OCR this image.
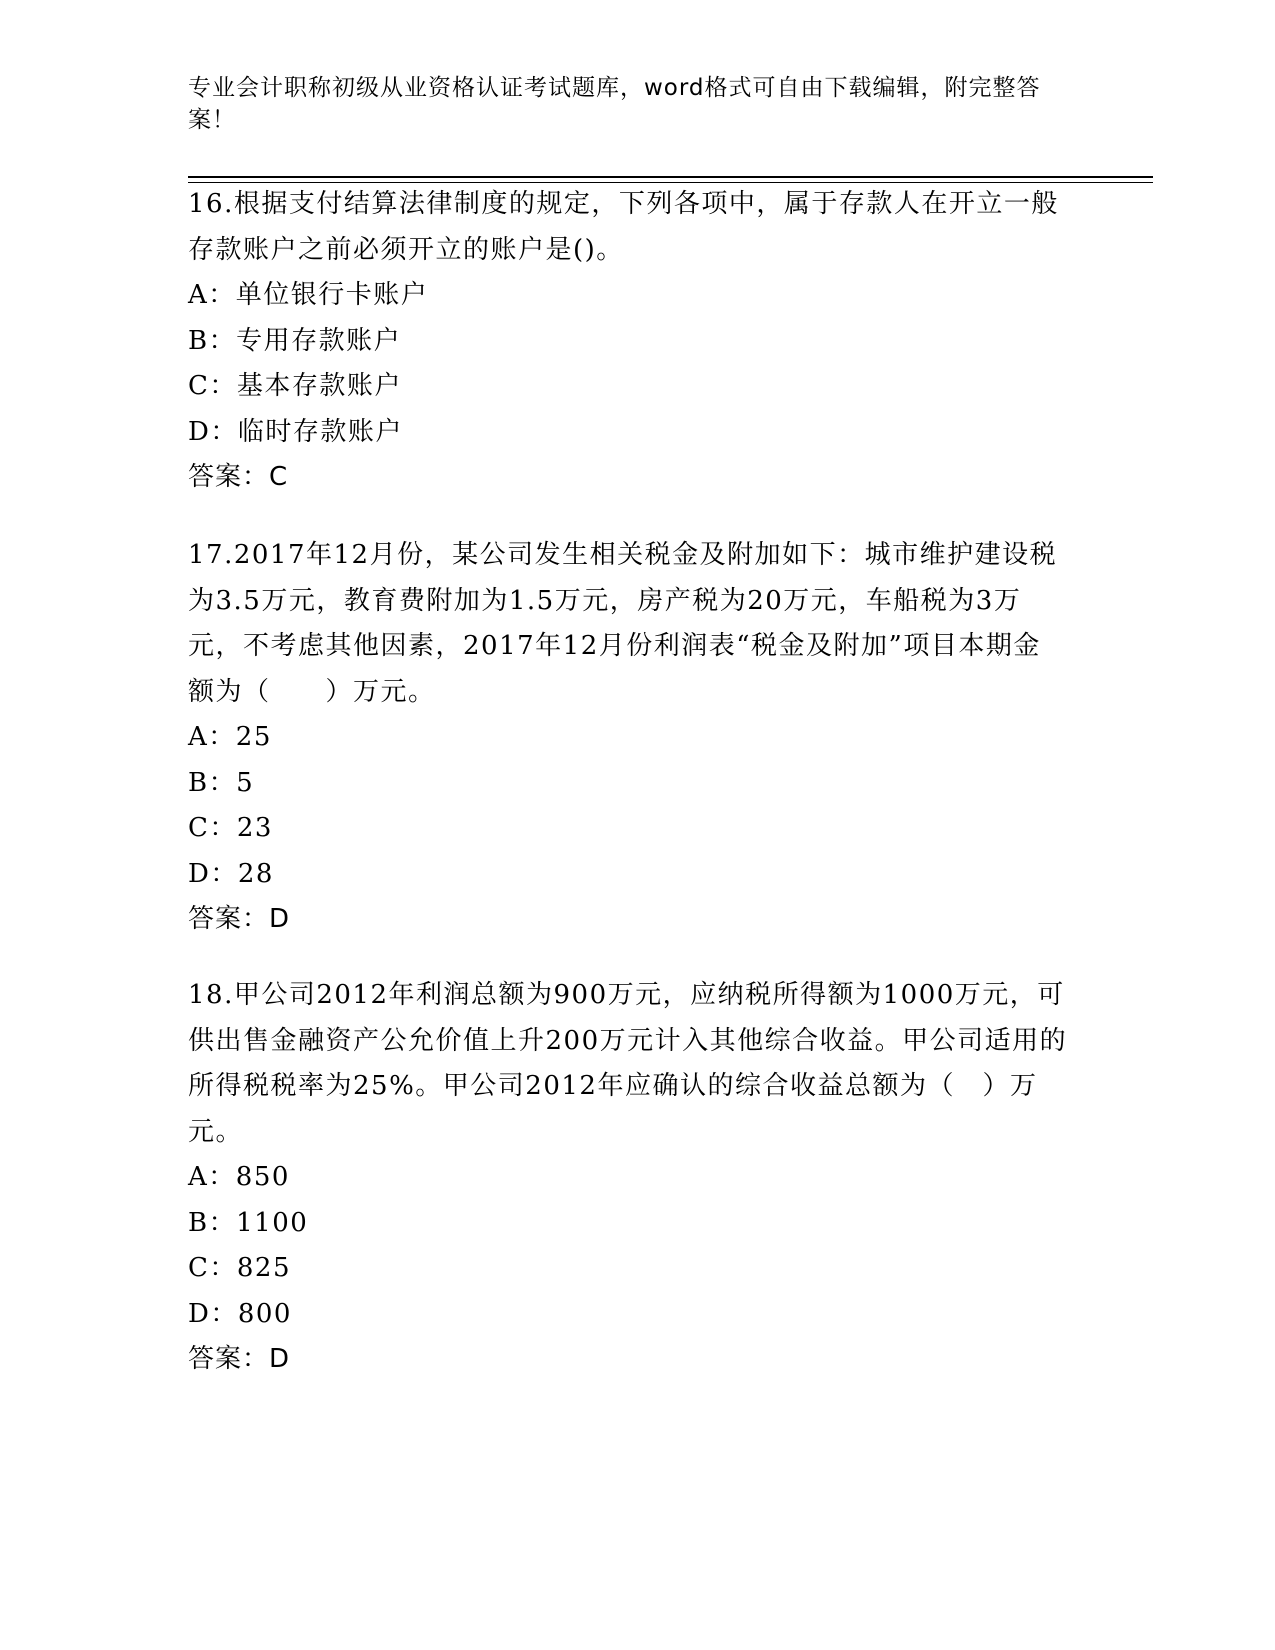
专业会计职称初级从业资格认证考试题库，word格式可自由下载编辑，附完整答案！

16.根据支付结算法律制度的规定，下列各项中，属于存款人在开立一般存款账户之前必须开立的账户是()。

A：单位银行卡账户
B：专用存款账户
C：基本存款账户
D：临时存款账户
答案：C

17.2017年12月份，某公司发生相关税金及附加如下：城市维护建设税为3.5万元，教育费附加为1.5万元，房产税为20万元，车船税为3万元，不考虑其他因素，2017年12月份利润表“税金及附加”项目本期金额为（　　）万元。

A：25
B：5
C：23
D：28
答案：D

18.甲公司2012年利润总额为900万元，应纳税所得额为1000万元，可供出售金融资产公允价值上升200万元计入其他综合收益。甲公司适用的所得税税率为25%。甲公司2012年应确认的综合收益总额为（　）万元。

A：850
B：1100
C：825
D：800
答案：D
